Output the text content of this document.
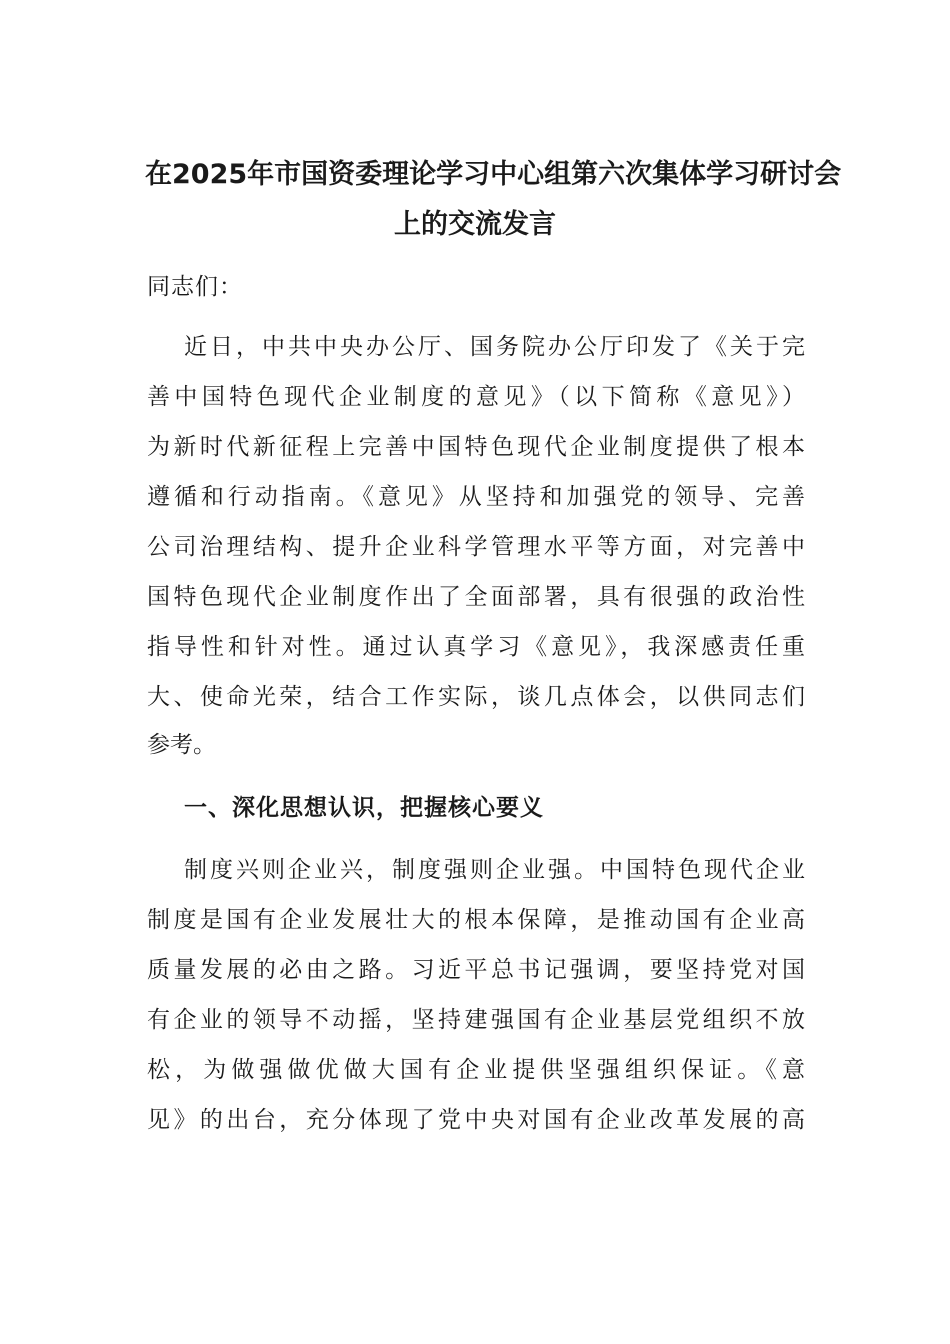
在2025年市国资委理论学习中心组第六次集体学习研讨会
上的交流发言

同志们：

近日，中共中央办公厅、国务院办公厅印发了《关于完

善中国特色现代企业制度的意见》（以下简称《意见》）

为新时代新征程上完善中国特色现代企业制度提供了根本

遵循和行动指南。《意见》从坚持和加强党的领导、完善

公司治理结构、提升企业科学管理水平等方面，对完善中

国特色现代企业制度作出了全面部署，具有很强的政治性

指导性和针对性。通过认真学习《意见》，我深感责任重

大、使命光荣，结合工作实际，谈几点体会，以供同志们

参考。

一、深化思想认识，把握核心要义

制度兴则企业兴，制度强则企业强。中国特色现代企业

制度是国有企业发展壮大的根本保障，是推动国有企业高

质量发展的必由之路。习近平总书记强调，要坚持党对国

有企业的领导不动摇，坚持建强国有企业基层党组织不放

松，为做强做优做大国有企业提供坚强组织保证。《意

见》的出台，充分体现了党中央对国有企业改革发展的高
